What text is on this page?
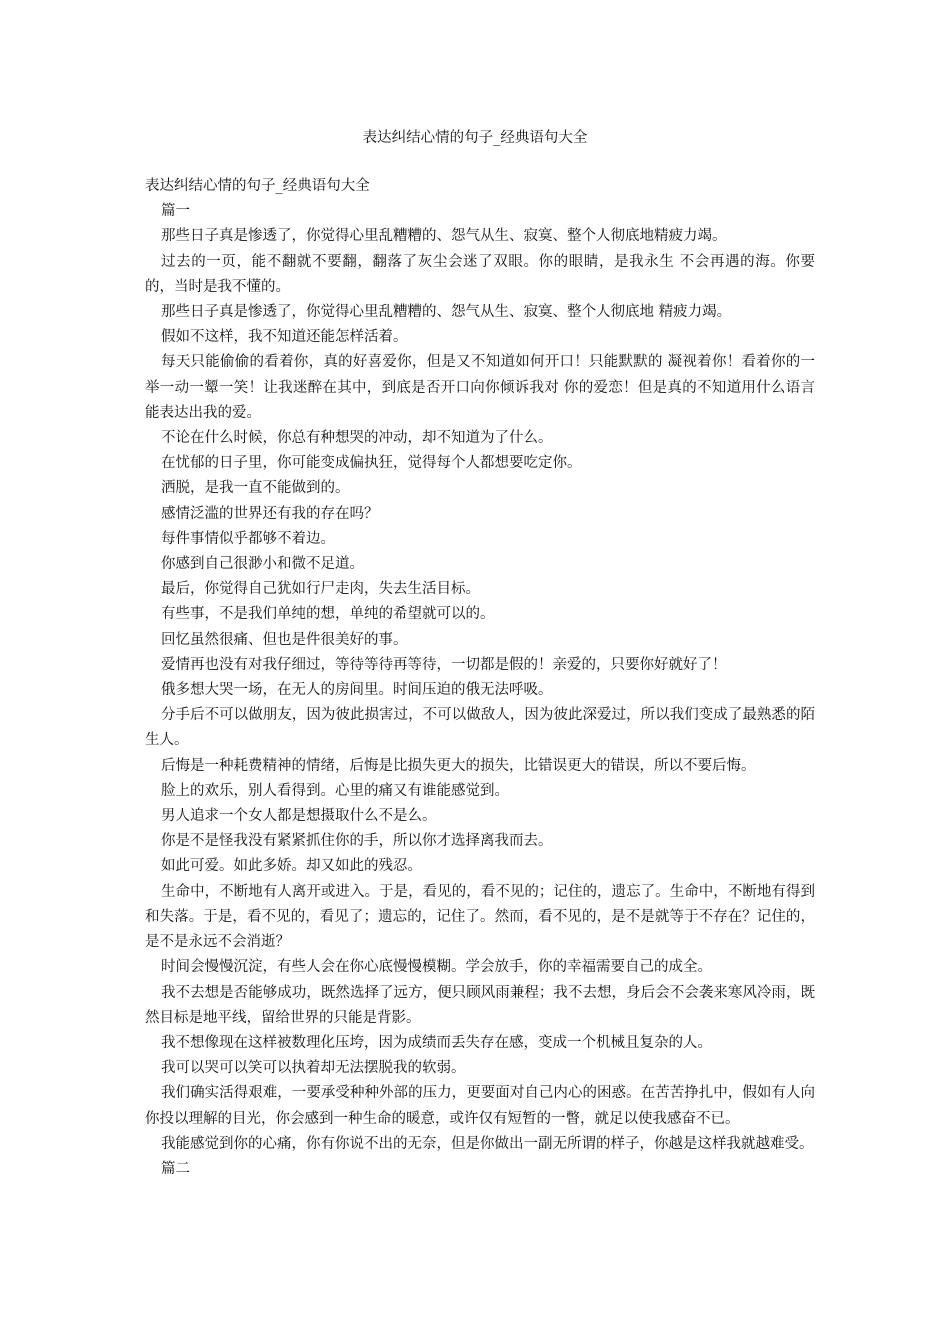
表达纠结心情的句子_经典语句大全

表达纠结心情的句子_经典语句大全

篇一

那些日子真是惨透了，你觉得心里乱糟糟的、怨气从生、寂寞、整个人彻底地精疲力竭。

过去的一页，能不翻就不要翻，翻落了灰尘会迷了双眼。你的眼睛，是我永生 不会再遇的海。你要的，当时是我不懂的。

那些日子真是惨透了，你觉得心里乱糟糟的、怨气从生、寂寞、整个人彻底地 精疲力竭。

假如不这样，我不知道还能怎样活着。

每天只能偷偷的看着你，真的好喜爱你，但是又不知道如何开口！只能默默的 凝视着你！看着你的一举一动一颦一笑！让我迷醉在其中，到底是否开口向你倾诉我对 你的爱恋！但是真的不知道用什么语言能表达出我的爱。

不论在什么时候，你总有种想哭的冲动，却不知道为了什么。

在忧郁的日子里，你可能变成偏执狂，觉得每个人都想要吃定你。

洒脱，是我一直不能做到的。

感情泛滥的世界还有我的存在吗？

每件事情似乎都够不着边。

你感到自己很渺小和微不足道。

最后，你觉得自己犹如行尸走肉，失去生活目标。

有些事，不是我们单纯的想，单纯的希望就可以的。

回忆虽然很痛、但也是件很美好的事。

爱情再也没有对我仔细过，等待等待再等待，一切都是假的！亲爱的，只要你好就好了！

俄多想大哭一场，在无人的房间里。时间压迫的俄无法呼吸。

分手后不可以做朋友，因为彼此损害过，不可以做敌人，因为彼此深爱过，所以我们变成了最熟悉的陌生人。

后悔是一种耗费精神的情绪，后悔是比损失更大的损失，比错误更大的错误，所以不要后悔。

脸上的欢乐，别人看得到。心里的痛又有谁能感觉到。

男人追求一个女人都是想摄取什么不是么。

你是不是怪我没有紧紧抓住你的手，所以你才选择离我而去。

如此可爱。如此多娇。却又如此的残忍。

生命中，不断地有人离开或进入。于是，看见的，看不见的；记住的，遗忘了。生命中，不断地有得到和失落。于是，看不见的，看见了；遗忘的，记住了。然而，看不见的，是不是就等于不存在？记住的，是不是永远不会消逝？

时间会慢慢沉淀，有些人会在你心底慢慢模糊。学会放手，你的幸福需要自己的成全。

我不去想是否能够成功，既然选择了远方，便只顾风雨兼程；我不去想，身后会不会袭来寒风冷雨，既然目标是地平线，留给世界的只能是背影。

我不想像现在这样被数理化压垮，因为成绩而丢失存在感，变成一个机械且复杂的人。

我可以哭可以笑可以执着却无法摆脱我的软弱。

我们确实活得艰难，一要承受种种外部的压力，更要面对自己内心的困惑。在苦苦挣扎中，假如有人向你投以理解的目光，你会感到一种生命的暖意，或许仅有短暂的一瞥，就足以使我感奋不已。

我能感觉到你的心痛，你有你说不出的无奈，但是你做出一副无所谓的样子，你越是这样我就越难受。

篇二
